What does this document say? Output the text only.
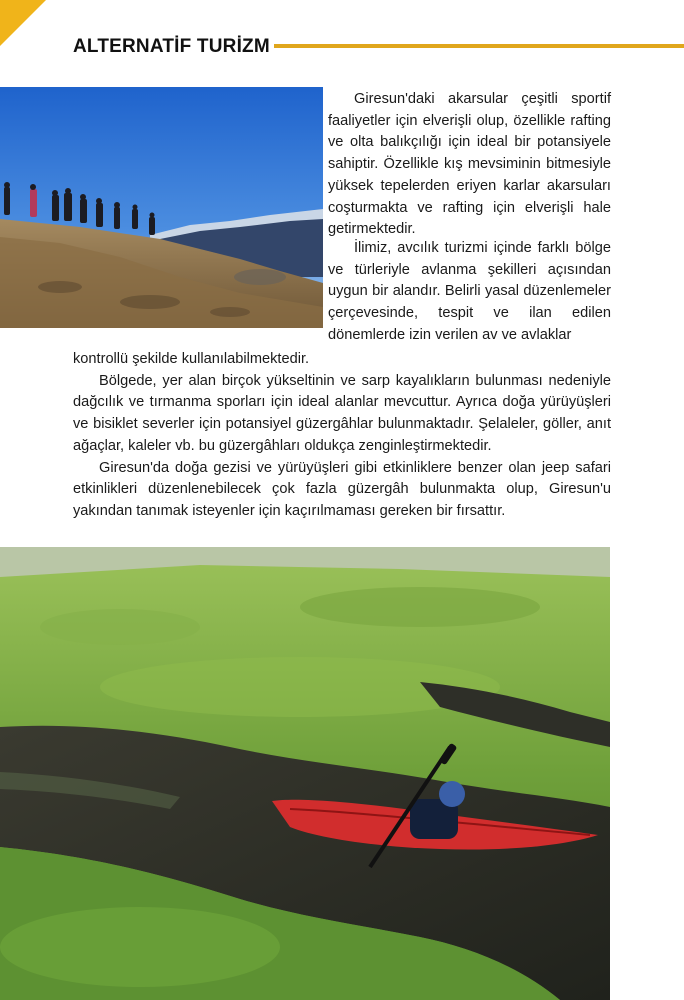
ALTERNATİF TURİZM

Giresun'daki akarsular çeşitli sportif faaliyetler için elverişli olup, özellikle rafting ve olta balıkçılığı için ideal bir potansiyele sahiptir. Özellikle kış mevsiminin bitmesiyle yüksek tepelerden eriyen karlar akarsuları coşturmakta ve rafting için elverişli hale getirmektedir.

İlimiz, avcılık turizmi içinde farklı bölge ve türleriyle avlanma şekilleri açısından uygun bir alandır. Belirli yasal düzenlemeler çerçevesinde, tespit ve ilan edilen dönemlerde izin verilen av ve avlaklar

kontrollü şekilde kullanılabilmektedir.

Bölgede, yer alan birçok yükseltinin ve sarp kayalıkların bulunması nedeniyle dağcılık ve tırmanma sporları için ideal alanlar mevcuttur. Ayrıca doğa yürüyüşleri ve bisiklet severler için potansiyel güzergâhlar bulunmaktadır. Şelaleler, göller, anıt ağaçlar, kaleler vb. bu güzergâhları oldukça zenginleştirmektedir.

Giresun'da doğa gezisi ve yürüyüşleri gibi etkinliklere benzer olan jeep safari etkinlikleri düzenlenebilecek çok fazla güzergâh bulunmakta olup, Giresun'u yakından tanımak isteyenler için kaçırılmaması gereken bir fırsattır.
